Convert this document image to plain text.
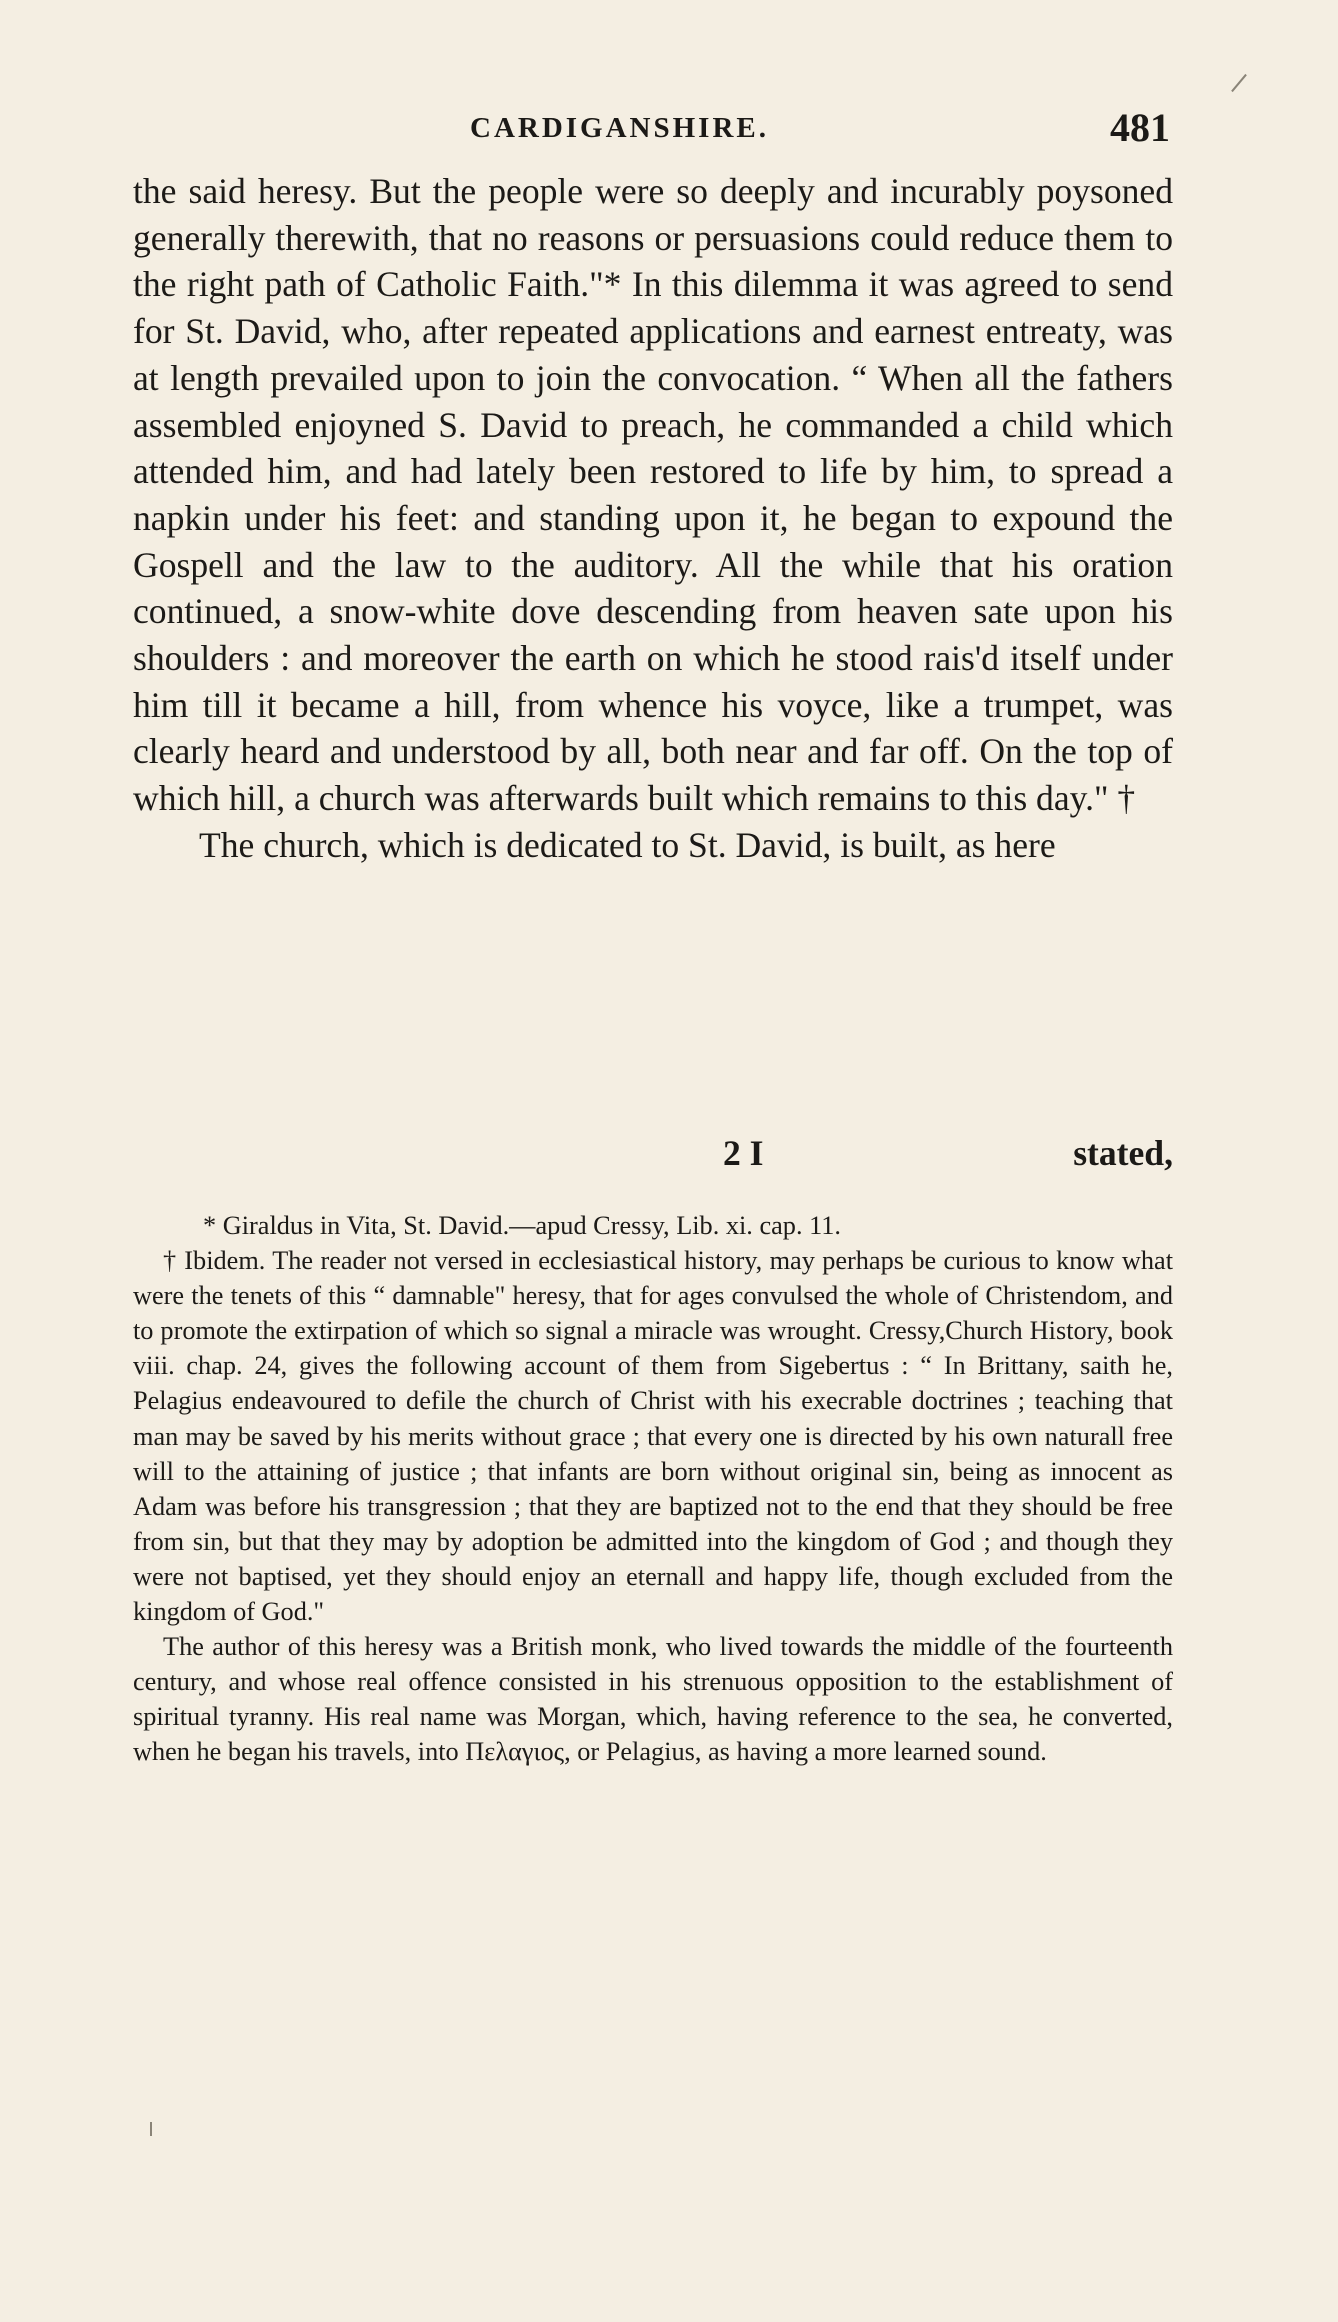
CARDIGANSHIRE.	481

the said heresy. But the people were so deeply and incurably poysoned generally therewith, that no reasons or persuasions could reduce them to the right path of Catholic Faith."* In this dilemma it was agreed to send for St. David, who, after repeated applications and earnest entreaty, was at length prevailed upon to join the convocation. “ When all the fathers assembled enjoyned S. David to preach, he commanded a child which attended him, and had lately been restored to life by him, to spread a napkin under his feet: and standing upon it, he began to expound the Gospell and the law to the auditory. All the while that his oration continued, a snow-white dove descending from heaven sate upon his shoulders : and moreover the earth on which he stood rais'd itself under him till it became a hill, from whence his voyce, like a trumpet, was clearly heard and understood by all, both near and far off. On the top of which hill, a church was afterwards built which remains to this day." †

The church, which is dedicated to St. David, is built, as here

2 I	stated,

* Giraldus in Vita, St. David.—apud Cressy, Lib. xi. cap. 11.

† Ibidem. The reader not versed in ecclesiastical history, may perhaps be curious to know what were the tenets of this “ damnable" heresy, that for ages convulsed the whole of Christendom, and to promote the extirpation of which so signal a miracle was wrought. Cressy,Church History, book viii. chap. 24, gives the following account of them from Sigebertus : “ In Brittany, saith he, Pelagius endeavoured to defile the church of Christ with his execrable doctrines ; teaching that man may be saved by his merits without grace ; that every one is directed by his own naturall free will to the attaining of justice ; that infants are born without original sin, being as innocent as Adam was before his transgression ; that they are baptized not to the end that they should be free from sin, but that they may by adoption be admitted into the kingdom of God ; and though they were not baptised, yet they should enjoy an eternall and happy life, though excluded from the kingdom of God."

The author of this heresy was a British monk, who lived towards the middle of the fourteenth century, and whose real offence consisted in his strenuous opposition to the establishment of spiritual tyranny. His real name was Morgan, which, having reference to the sea, he converted, when he began his travels, into Πελαγιος, or Pelagius, as having a more learned sound.
